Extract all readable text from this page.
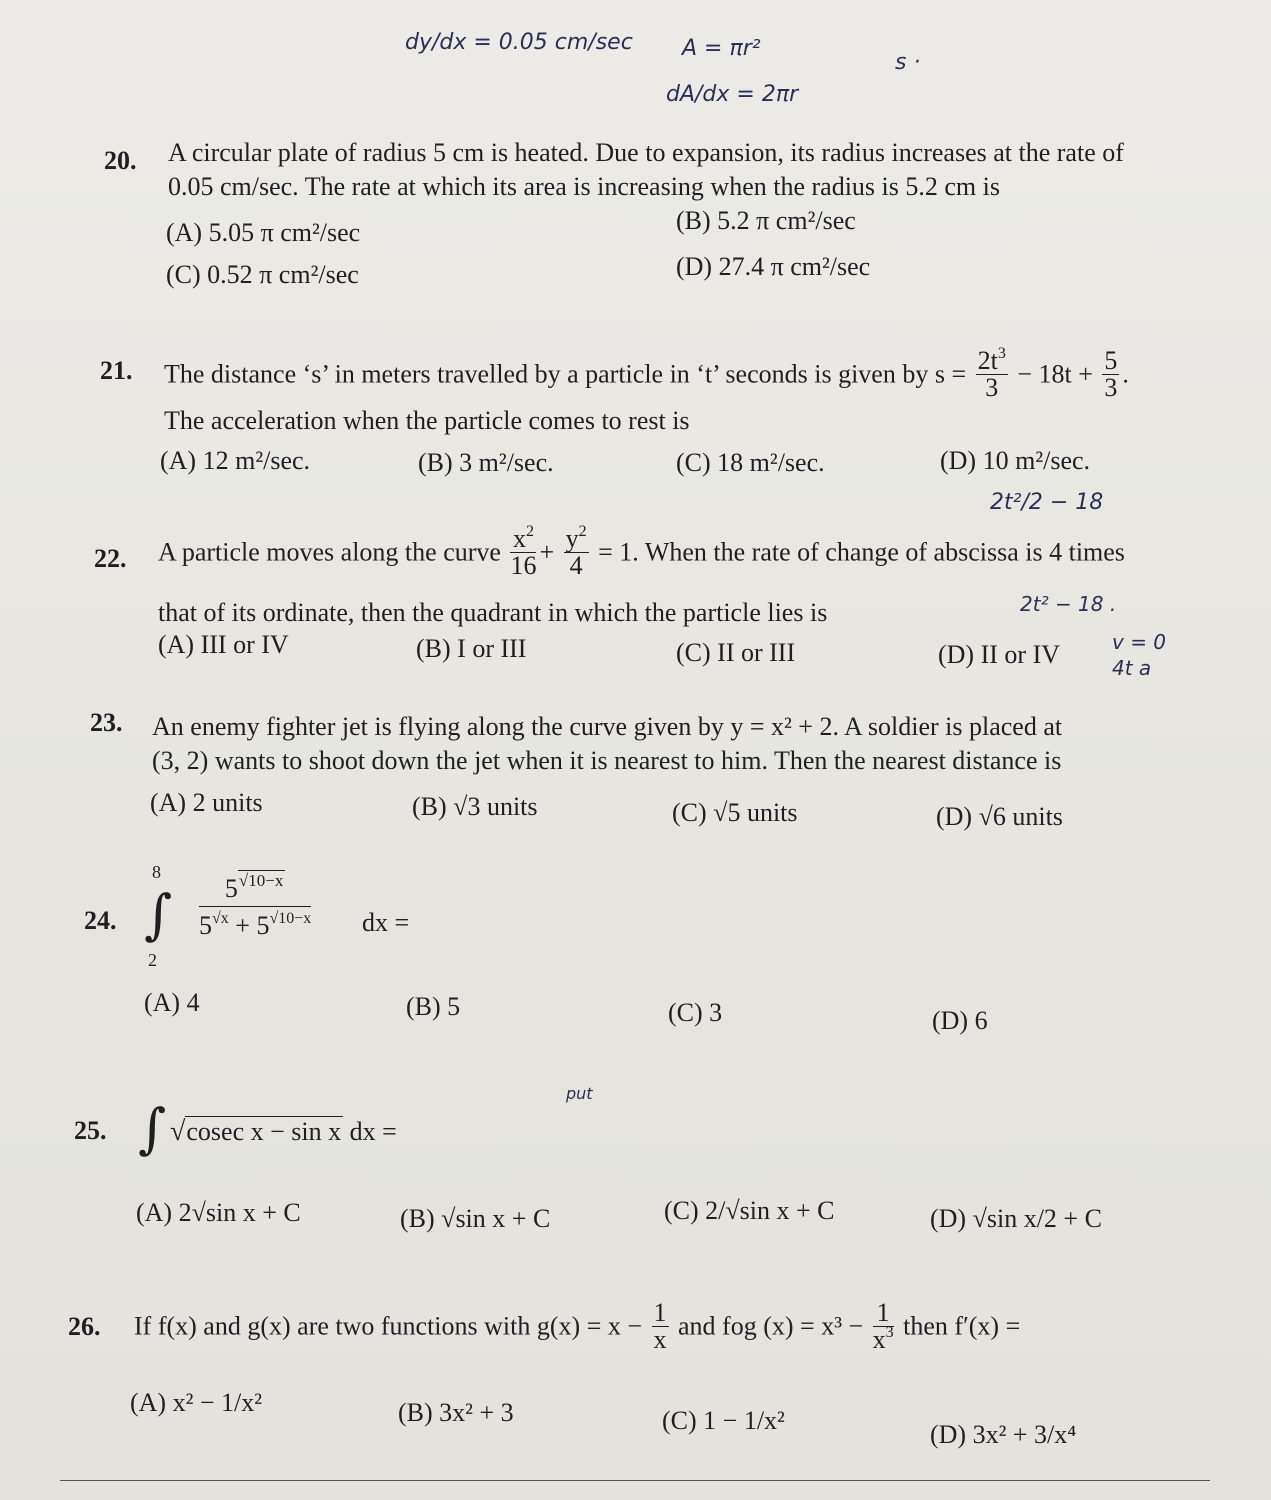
dy/dx = 0.05 cm/sec A = πr²
dA/dx = 2πr
s ·
2t²/2 − 18
2t² − 18 .
v = 0
4t a
put
20. A circular plate of radius 5 cm is heated. Due to expansion, its radius increases at the rate of
0.05 cm/sec. The rate at which its area is increasing when the radius is 5.2 cm is
(A) 5.05 π cm²/sec	(B) 5.2 π cm²/sec
(C) 0.52 π cm²/sec	(D) 27.4 π cm²/sec
21. The distance ‘s’ in meters travelled by a particle in ‘t’ seconds is given by $s = \frac{2t^3}{3} - 18t + \frac{5}{3}$ .
The acceleration when the particle comes to rest is
(A) 12 m²/sec.	(B) 3 m²/sec.	(C) 18 m²/sec.	(D) 10 m²/sec.
22. A particle moves along the curve $\frac{x^2}{16} + \frac{y^2}{4} = 1$. When the rate of change of abscissa is 4 times
that of its ordinate, then the quadrant in which the particle lies is
(A) III or IV	(B) I or III	(C) II or III	(D) II or IV
23. An enemy fighter jet is flying along the curve given by y = x² + 2. A soldier is placed at
(3, 2) wants to shoot down the jet when it is nearest to him. Then the nearest distance is
(A) 2 units	(B) √3 units	(C) √5 units	(D) √6 units
24.
8
∫
2
$\frac{5^{√10-x}}{5^{√x} + 5^{√10-x}}$ dx =
(A) 4	(B) 5	(C) 3	(D) 6
25. ∫ √cosec x − sin x dx =
(A) 2√sin x + C	(B) √sin x + C	(C) 2/√sin x + C	(D) √sin x/2 + C
26. If f(x) and g(x) are two functions with $g(x) = x - \frac{1}{x}$ and fog $(x) = x^3 - \frac{1}{x^3}$ then f′(x) =
(A) x² − 1/x²	(B) 3x² + 3	(C) 1 − 1/x²	(D) 3x² + 3/x⁴
